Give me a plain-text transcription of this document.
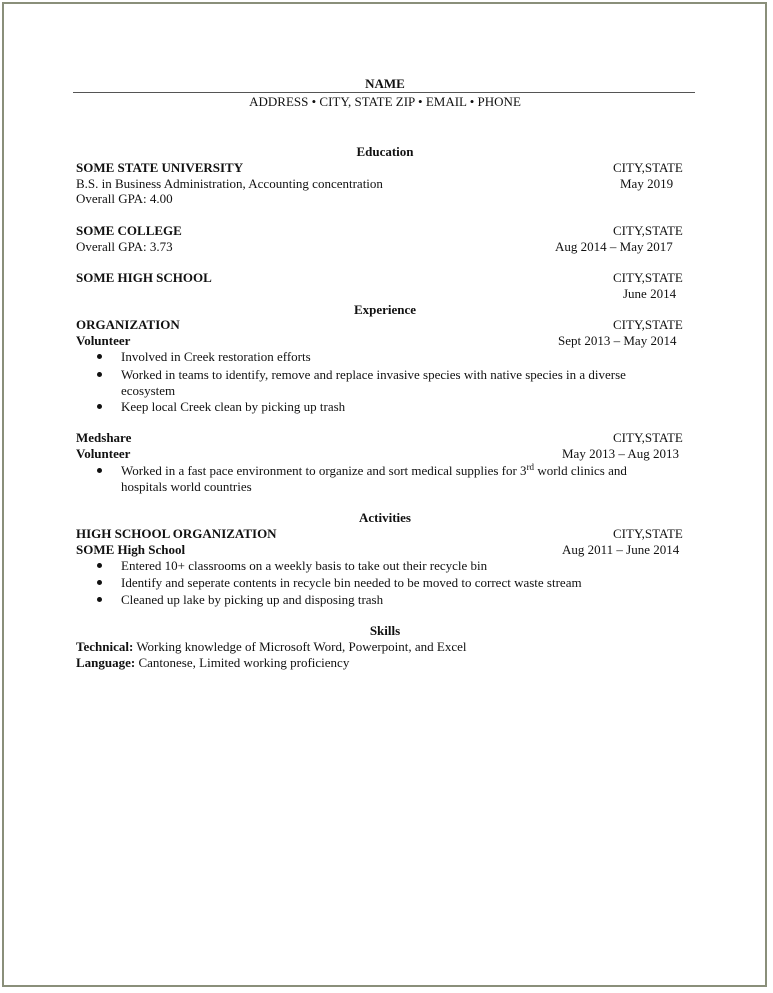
NAME
ADDRESS • CITY, STATE ZIP • EMAIL • PHONE
Education
SOME STATE UNIVERSITY	CITY,STATE
B.S. in Business Administration, Accounting concentration	May 2019
Overall GPA: 4.00
SOME COLLEGE	CITY,STATE
Overall GPA: 3.73	Aug 2014 – May 2017
SOME HIGH SCHOOL	CITY,STATE
June 2014
Experience
ORGANIZATION	CITY,STATE
Volunteer	Sept 2013 – May 2014
Involved in Creek restoration efforts
Worked in teams to identify, remove and replace invasive species with native species in a diverse
ecosystem
Keep local Creek clean by picking up trash
Medshare	CITY,STATE
Volunteer	May 2013 – Aug 2013
Worked in a fast pace environment to organize and sort medical supplies for 3rd world clinics and
hospitals world countries
Activities
HIGH SCHOOL ORGANIZATION	CITY,STATE
SOME High School	Aug 2011 – June 2014
Entered 10+ classrooms on a weekly basis to take out their recycle bin
Identify and seperate contents in recycle bin needed to be moved to correct waste stream
Cleaned up lake by picking up and disposing trash
Skills
Technical: Working knowledge of Microsoft Word, Powerpoint, and Excel
Language: Cantonese, Limited working proficiency
